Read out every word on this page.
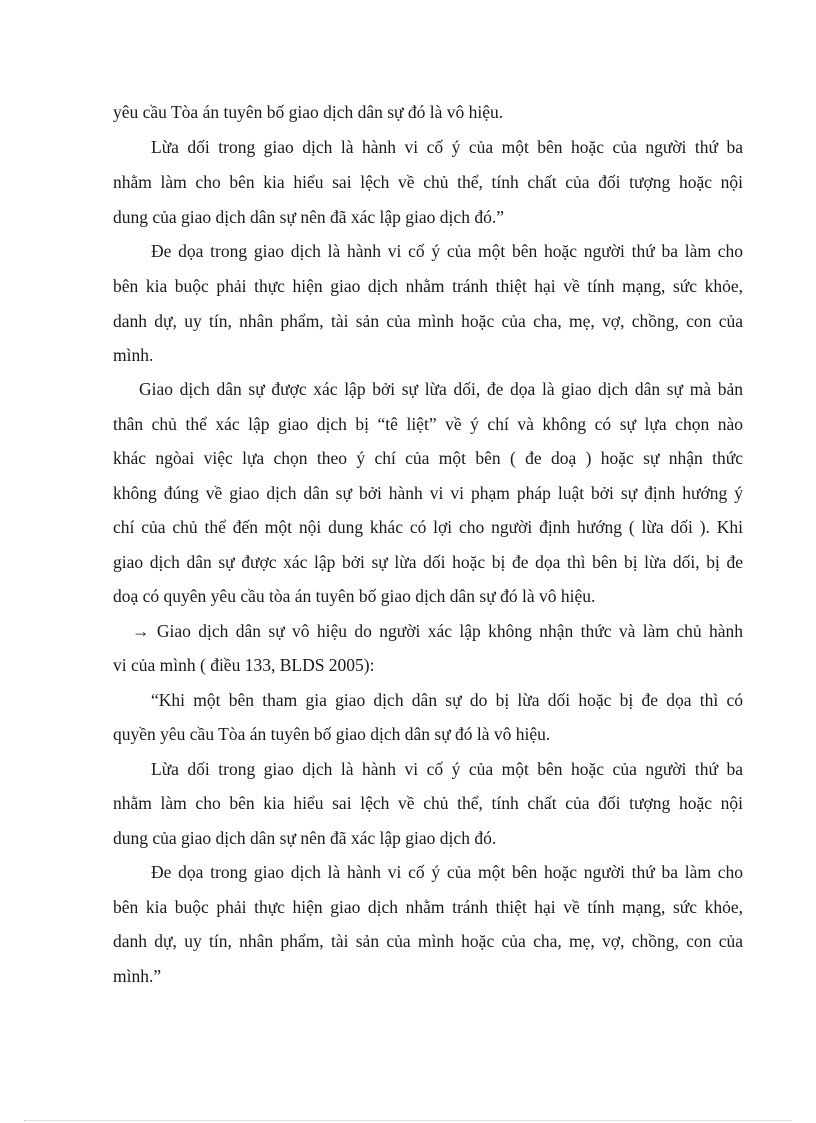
yêu cầu Tòa án tuyên bố giao dịch dân sự đó là vô hiệu.
Lừa dối trong giao dịch là hành vi cố ý của một bên hoặc của người thứ ba
nhằm làm cho bên kia hiểu sai lệch về chủ thể, tính chất của đối tượng hoặc nội
dung của giao dịch dân sự nên đã xác lập giao dịch đó.”
Đe dọa trong giao dịch là hành vi cố ý của một bên hoặc người thứ ba làm cho
bên kia buộc phải thực hiện giao dịch nhằm tránh thiệt hại về tính mạng, sức khỏe,
danh dự, uy tín, nhân phẩm, tài sản của mình hoặc của cha, mẹ, vợ, chồng, con của
mình.
Giao dịch dân sự được xác lập bởi sự lừa dối, đe dọa là giao dịch dân sự mà bản
thân chủ thể xác lập giao dịch bị “tê liệt” về ý chí và không có sự lựa chọn nào
khác ngòai việc lựa chọn theo ý chí của một bên ( đe doạ ) hoặc sự nhận thức
không đúng về giao dịch dân sự bởi hành vi vi phạm pháp luật bởi sự định hướng ý
chí của chủ thể đến một nội dung khác có lợi cho người định hướng ( lừa dối ). Khi
giao dịch dân sự được xác lập bởi sự lừa dối hoặc bị đe dọa thì bên bị lừa dối, bị đe
doạ có quyên yêu cầu tòa án tuyên bố giao dịch dân sự đó là vô hiệu.
→ Giao dịch dân sự vô hiệu do người xác lập không nhận thức và làm chủ hành
vi của mình ( điều 133, BLDS 2005):
“Khi một bên tham gia giao dịch dân sự do bị lừa dối hoặc bị đe dọa thì có
quyền yêu cầu Tòa án tuyên bố giao dịch dân sự đó là vô hiệu.
Lừa dối trong giao dịch là hành vi cố ý của một bên hoặc của người thứ ba
nhằm làm cho bên kia hiểu sai lệch về chủ thể, tính chất của đối tượng hoặc nội
dung của giao dịch dân sự nên đã xác lập giao dịch đó.
Đe dọa trong giao dịch là hành vi cố ý của một bên hoặc người thứ ba làm cho
bên kia buộc phải thực hiện giao dịch nhằm tránh thiệt hại về tính mạng, sức khỏe,
danh dự, uy tín, nhân phẩm, tài sản của mình hoặc của cha, mẹ, vợ, chồng, con của
mình.”
